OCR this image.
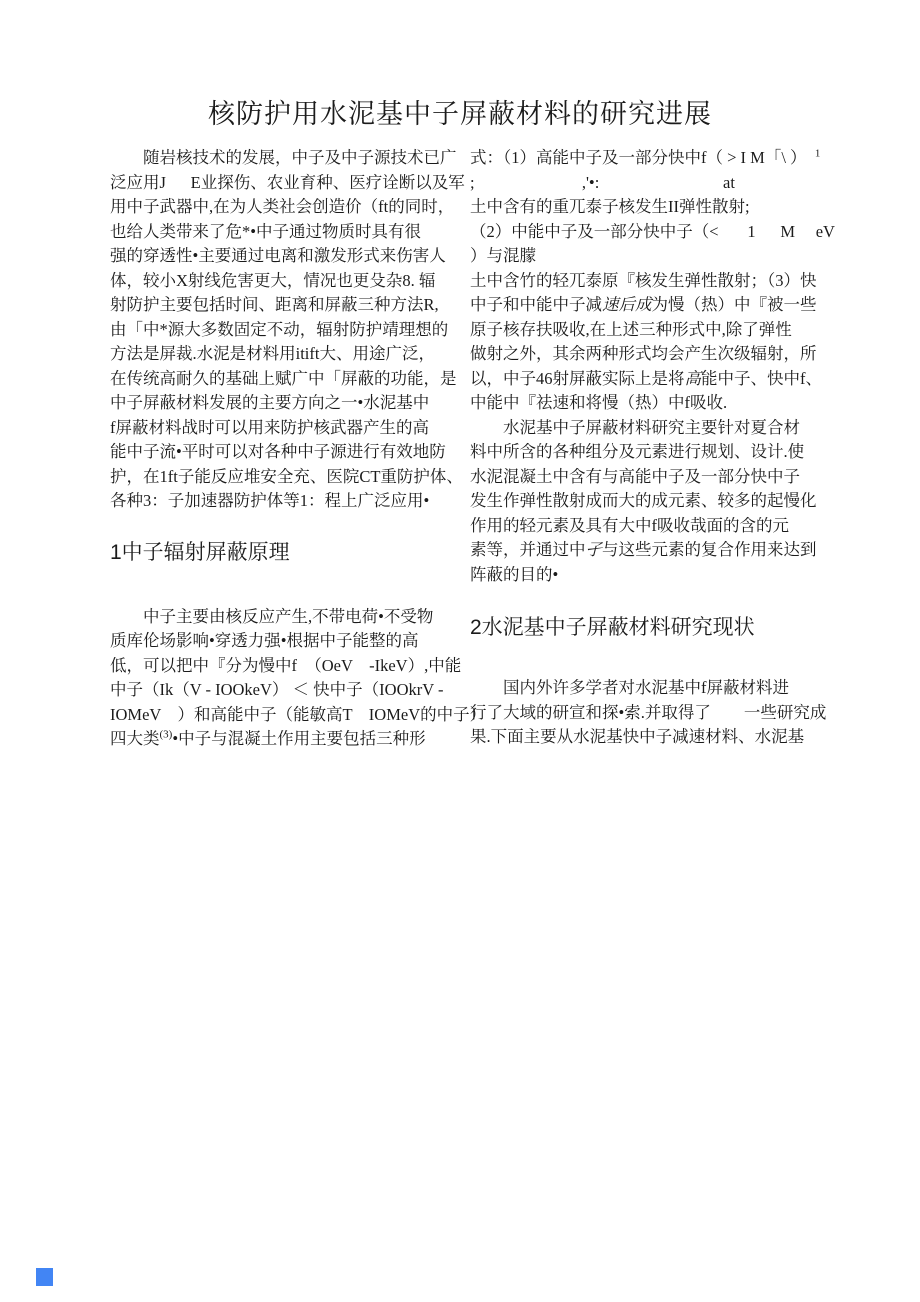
核防护用水泥基中子屏蔽材料的研究进展
　　随岩核技术的发展，中子及中子源技术已广
泛应用J      E业探伤、农业育种、医疗诠断以及军
用中子武器中,在为人类社会创造价（ft的同时，
也给人类带来了危*•中子通过物质时具有很
强的穿透性•主要通过电离和激发形式来伤害人
体，较小X射线危害更大，情况也更殳杂8. 辐
射防护主要包括时间、距离和屏蔽三种方法R,
由「中*源大多数固定不动，辐射防护靖理想的
方法是屏裁.水泥是材料用itift大、用途广泛，
在传统高耐久的基础上赋广中「屏蔽的功能，是
中子屏蔽材料发展的主要方向之一•水泥基中
f屏蔽材料战时可以用来防护核武器产生的高
能中子流•平时可以对各种中子源进行有效地防
护，在1ft子能反应堆安全充、医院CT重防护体、
各种3：子加速器防护体等1：程上广泛应用•
1中子辐射屏蔽原理
　　中子主要由核反应产生,不带电荷•不受物
质库伦场影响•穿透力强•根据中子能整的高
低，可以把中『分为慢中f　（OeV　-IkeV）,中能
中子（Ik（V - IOOkeV） ＜ 快中子（IOOkrV -
IOMeV　）和高能中子（能敏高T　IOMeV的中子）
四大类$^{(3)}$•中子与混凝土作用主要包括三种形
式：（1）高能中子及一部分快中f（ > I M「\ ）  $^1$
;                          ,'•:                              at
土中含有的重兀泰子核发生II弹性散射;
（2）中能中子及一部分快中子（<       1      M     eV
）与混朦
土中含竹的轻兀泰原『核发生弹性散射；（3）快
中子和中能中子减速后成为慢（热）中『被一些
原子核存扶吸收,在上述三种形式中,除了弹性
做射之外，其余两种形式均会产生次级辐射，所
以，中子46射屏蔽实际上是将高能中子、快中f、
中能中『祛速和将慢（热）中f吸收.
　　水泥基中子屏蔽材料研究主要针对夏合材
料中所含的各种组分及元素进行规划、设计.使
水泥混凝土中含有与高能中子及一部分快中子
发生作弹性散射成而大的成元素、较多的起慢化
作用的轻元素及具有大中f吸收哉面的含的元
素等，并通过中孑与这些元素的复合作用来达到
阵蔽的目的•
2水泥基中子屏蔽材料研究现状
　　国内外许多学者对水泥基中f屏蔽材料进
行了大域的研宣和探•索.并取得了        一些研究成
果.下面主要从水泥基快中子减速材料、水泥基
